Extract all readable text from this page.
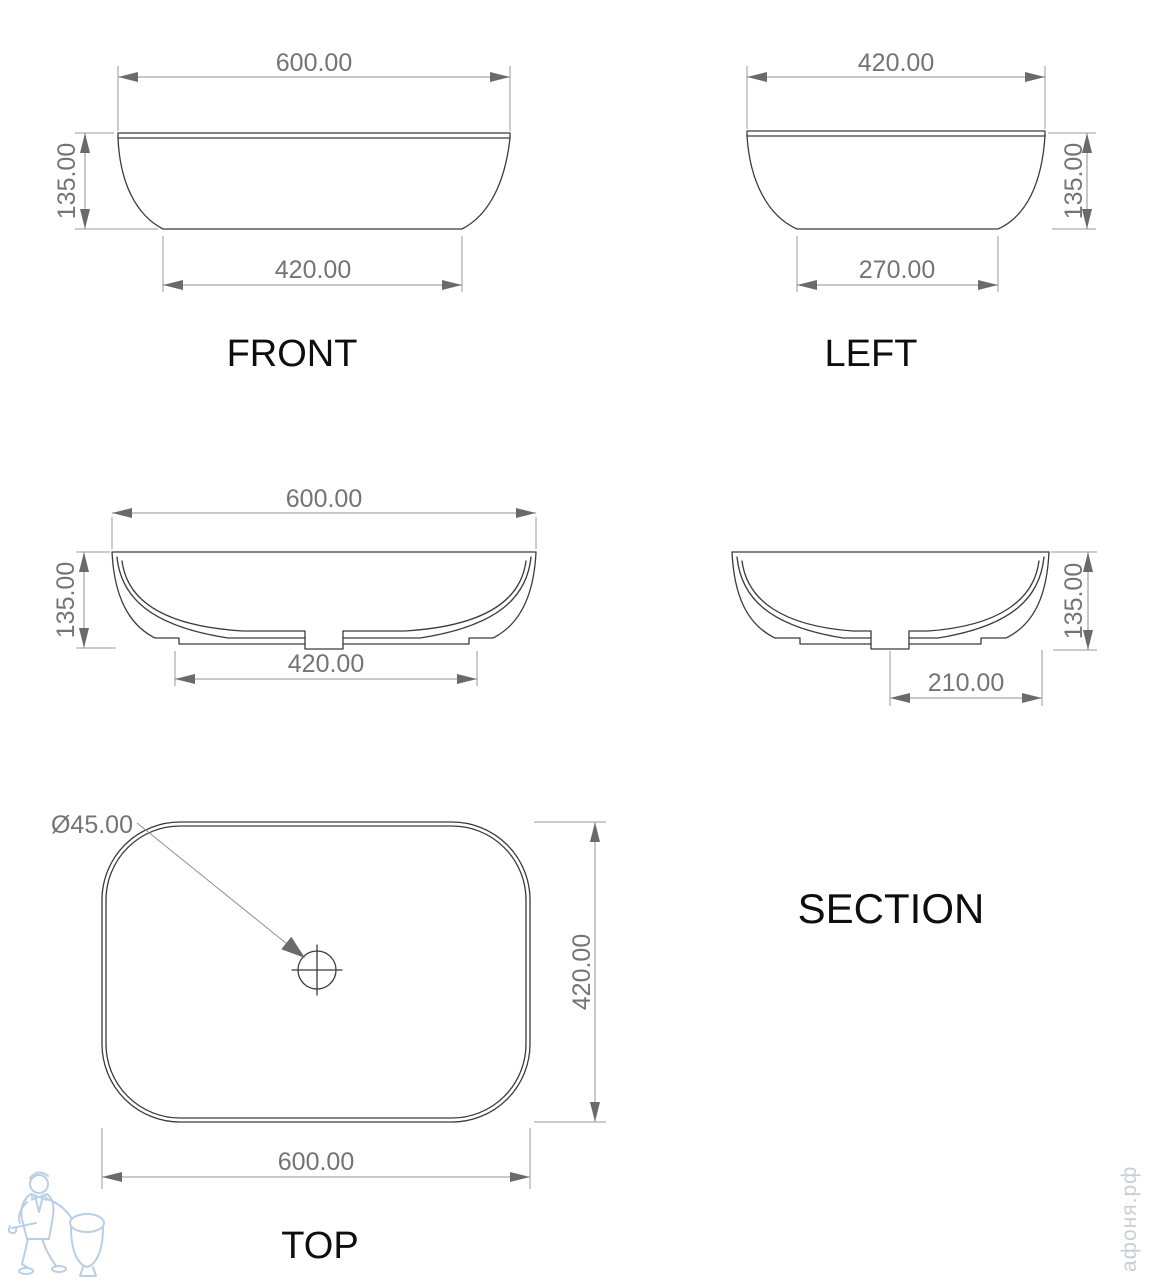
600.00
135.00
420.00
FRONT
420.00
135.00
270.00
LEFT
600.00
135.00
420.00
135.00
210.00
Ø45.00
420.00
600.00
TOP
SECTION
афоня.рф
